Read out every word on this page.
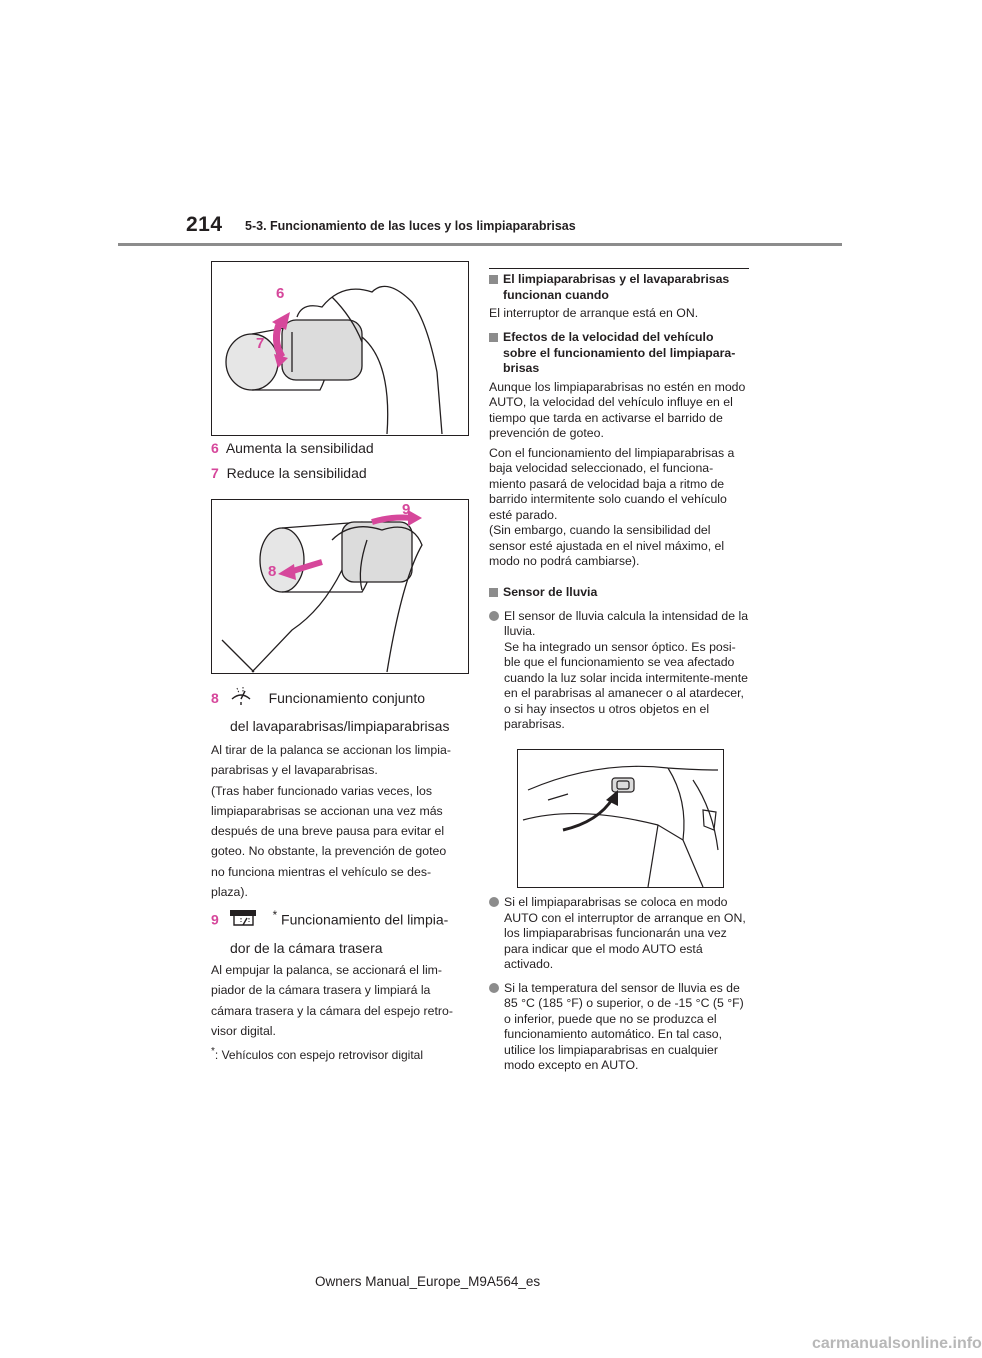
214 5-3. Funcionamiento de las luces y los limpiaparabrisas
6
7
6 Aumenta la sensibilidad
7 Reduce la sensibilidad
9
8
8	Funcionamiento conjunto
del lavaparabrisas/limpiaparabrisas
Al tirar de la palanca se accionan los limpia-
parabrisas y el lavaparabrisas.
(Tras haber funcionado varias veces, los
limpiaparabrisas se accionan una vez más
después de una breve pausa para evitar el
goteo. No obstante, la prevención de goteo
no funciona mientras el vehículo se des-
plaza).
9	* Funcionamiento del limpia-
dor de la cámara trasera
Al empujar la palanca, se accionará el lim-
piador de la cámara trasera y limpiará la
cámara trasera y la cámara del espejo retro-
visor digital.
*: Vehículos con espejo retrovisor digital
El limpiaparabrisas y el lavaparabrisas funcionan cuando
El interruptor de arranque está en ON.
Efectos de la velocidad del vehículo sobre el funcionamiento del limpiapara-brisas
Aunque los limpiaparabrisas no estén en modo AUTO, la velocidad del vehículo influye en el tiempo que tarda en activarse el barrido de prevención de goteo.
Con el funcionamiento del limpiaparabrisas a baja velocidad seleccionado, el funciona-miento pasará de velocidad baja a ritmo de barrido intermitente solo cuando el vehículo esté parado.
(Sin embargo, cuando la sensibilidad del sensor esté ajustada en el nivel máximo, el modo no podrá cambiarse).
Sensor de lluvia
El sensor de lluvia calcula la intensidad de la lluvia.
Se ha integrado un sensor óptico. Es posi-ble que el funcionamiento se vea afectado cuando la luz solar incida intermitente-mente en el parabrisas al amanecer o al atardecer, o si hay insectos u otros objetos en el parabrisas.
Si el limpiaparabrisas se coloca en modo AUTO con el interruptor de arranque en ON, los limpiaparabrisas funcionarán una vez para indicar que el modo AUTO está activado.
Si la temperatura del sensor de lluvia es de 85 °C (185 °F) o superior, o de -15 °C (5 °F) o inferior, puede que no se produzca el funcionamiento automático. En tal caso, utilice los limpiaparabrisas en cualquier modo excepto en AUTO.
Owners Manual_Europe_M9A564_es
carmanualsonline.info
